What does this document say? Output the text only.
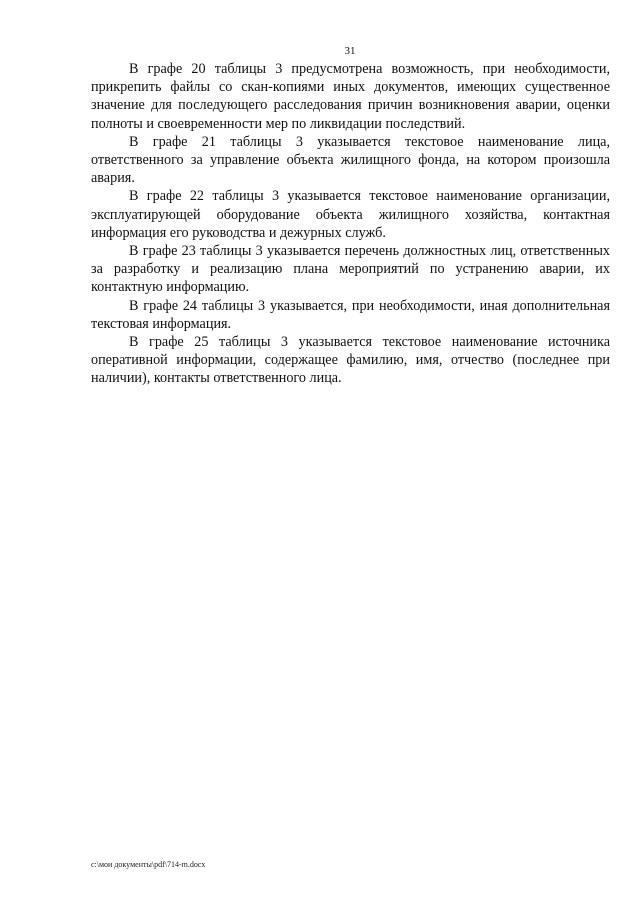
31

В графе 20 таблицы 3 предусмотрена возможность, при необходимости, прикрепить файлы со скан-копиями иных документов, имеющих существенное значение для последующего расследования причин возникновения аварии, оценки полноты и своевременности мер по ликвидации последствий.

В графе 21 таблицы 3 указывается текстовое наименование лица, ответственного за управление объекта жилищного фонда, на котором произошла авария.

В графе 22 таблицы 3 указывается текстовое наименование организации, эксплуатирующей оборудование объекта жилищного хозяйства, контактная информация его руководства и дежурных служб.

В графе 23 таблицы 3 указывается перечень должностных лиц, ответственных за разработку и реализацию плана мероприятий по устранению аварии, их контактную информацию.

В графе 24 таблицы 3 указывается, при необходимости, иная дополнительная текстовая информация.

В графе 25 таблицы 3 указывается текстовое наименование источника оперативной информации, содержащее фамилию, имя, отчество (последнее при наличии), контакты ответственного лица.

c:\мои документы\pdf\714-m.docx
